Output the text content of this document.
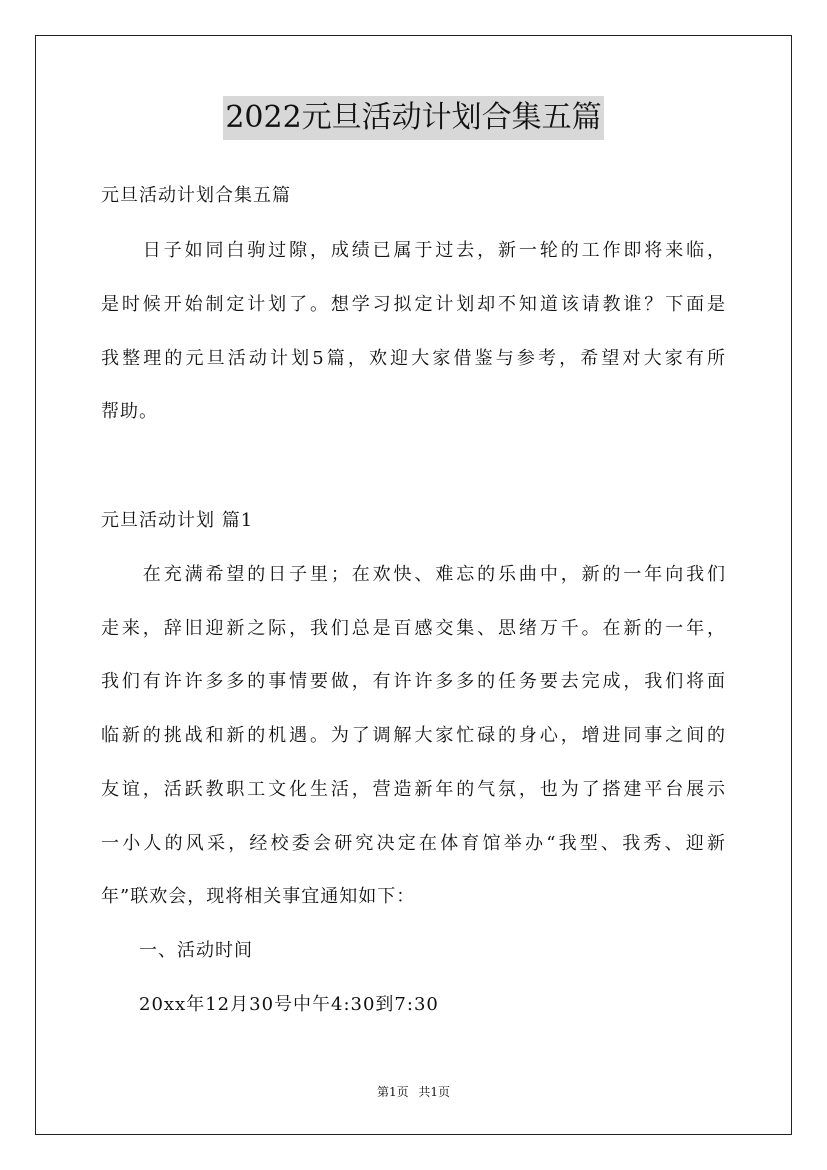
2022元旦活动计划合集五篇
元旦活动计划合集五篇
　　日子如同白驹过隙，成绩已属于过去，新一轮的工作即将来临，
是时候开始制定计划了。想学习拟定计划却不知道该请教谁？下面是
我整理的元旦活动计划5篇，欢迎大家借鉴与参考，希望对大家有所
帮助。
元旦活动计划 篇1
　　在充满希望的日子里；在欢快、难忘的乐曲中，新的一年向我们
走来，辞旧迎新之际，我们总是百感交集、思绪万千。在新的一年，
我们有许许多多的事情要做，有许许多多的任务要去完成，我们将面
临新的挑战和新的机遇。为了调解大家忙碌的身心，增进同事之间的
友谊，活跃教职工文化生活，营造新年的气氛，也为了搭建平台展示
一小人的风采，经校委会研究决定在体育馆举办“我型、我秀、迎新
年”联欢会，现将相关事宜通知如下：
　　一、活动时间
　　20xx年12月30号中午4:30到7:30
第1页 共1页
